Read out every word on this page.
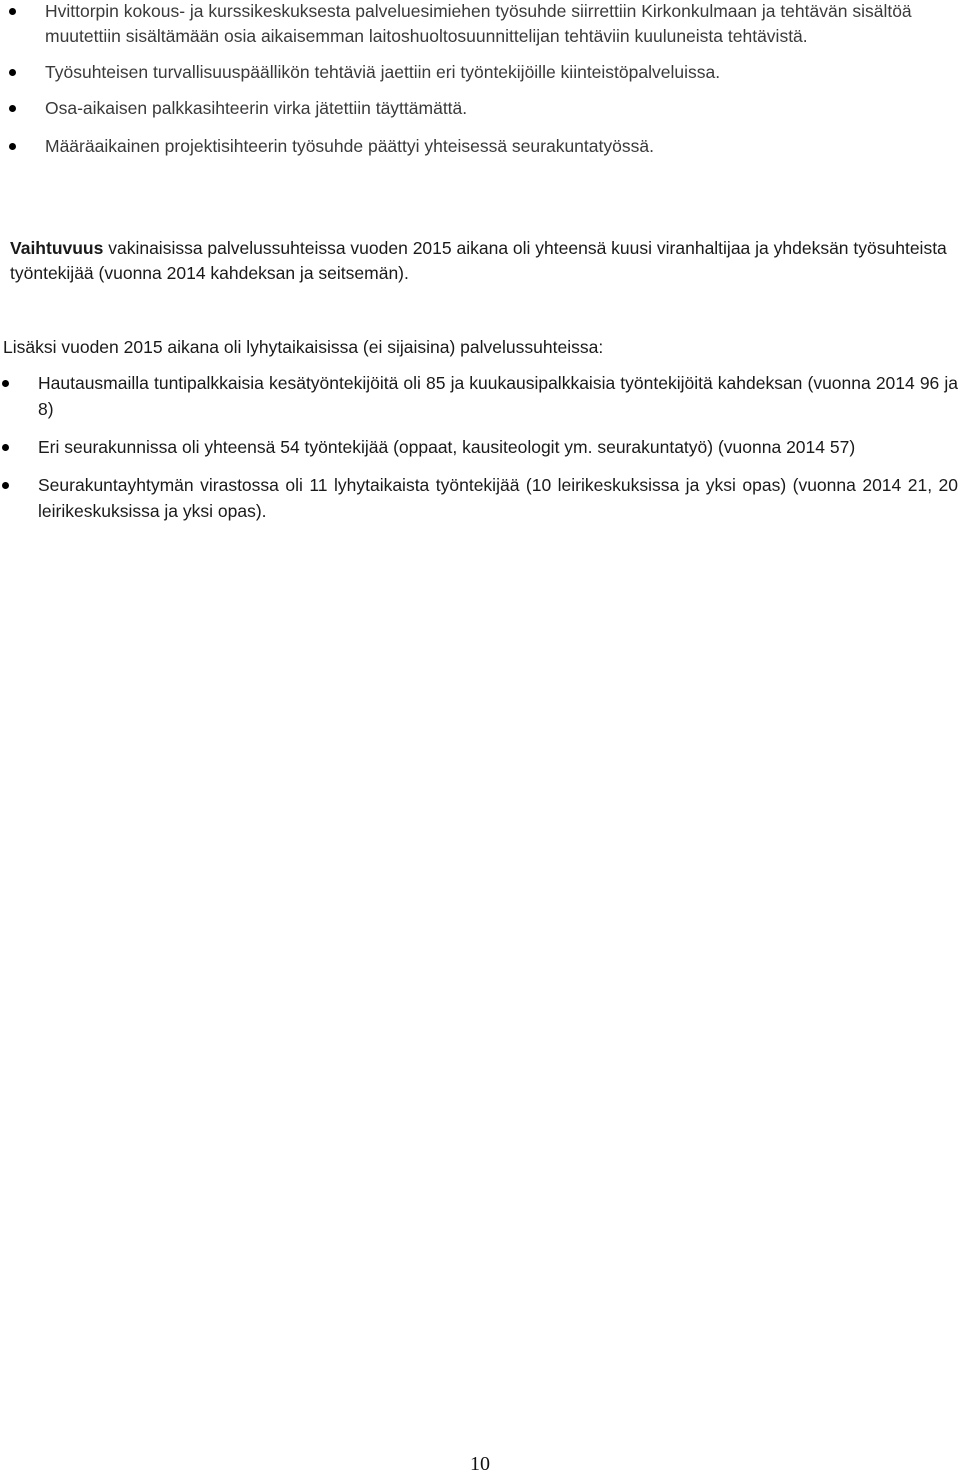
Hvittorpin kokous- ja kurssikeskuksesta palveluesimiehen työsuhde siirrettiin Kirkonkulmaan ja tehtävän sisältöä muutettiin sisältämään osia aikaisemman laitoshuoltosuunnittelijan tehtäviin kuuluneista tehtävistä.
Työsuhteisen turvallisuuspäällikön tehtäviä jaettiin eri työntekijöille kiinteistöpalveluissa.
Osa-aikaisen palkkasihteerin virka jätettiin täyttämättä.
Määräaikainen projektisihteerin työsuhde päättyi yhteisessä seurakuntatyössä.

Vaihtuvuus vakinaisissa palvelussuhteissa vuoden 2015 aikana oli yhteensä kuusi viranhaltijaa ja yhdeksän työsuhteista työntekijää (vuonna 2014 kahdeksan ja seitsemän).

Lisäksi vuoden 2015 aikana oli lyhytaikaisissa (ei sijaisina) palvelussuhteissa:

Hautausmailla tuntipalkkaisia kesätyöntekijöitä oli 85 ja kuukausipalkkaisia työntekijöitä kahdeksan (vuonna 2014 96 ja 8)
Eri seurakunnissa oli yhteensä 54 työntekijää (oppaat, kausiteologit ym. seurakuntatyö) (vuonna 2014 57)
Seurakuntayhtymän virastossa oli 11 lyhytaikaista työntekijää (10 leirikeskuksissa ja yksi opas) (vuonna 2014 21, 20 leirikeskuksissa ja yksi opas).
10
